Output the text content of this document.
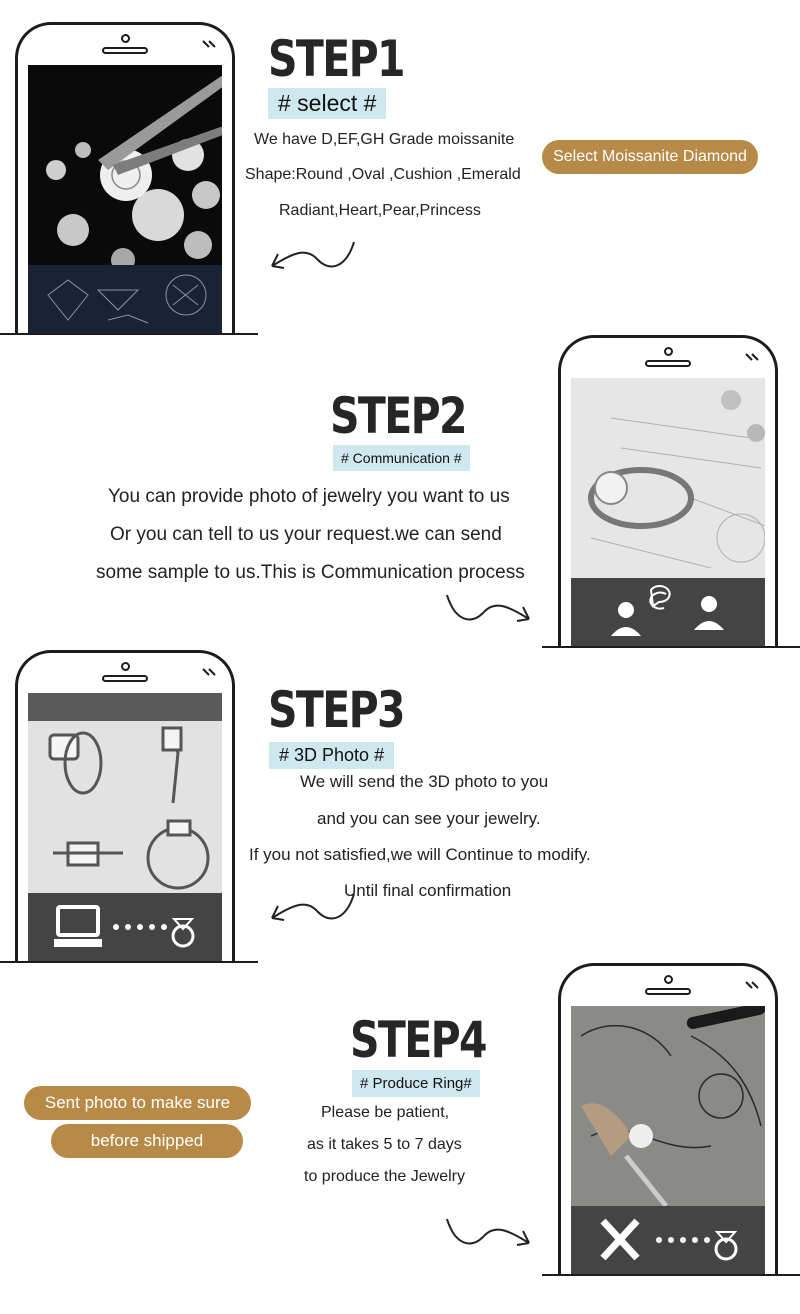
STEP1
# select #
We have D,EF,GH Grade moissanite
Shape:Round ,Oval ,Cushion ,Emerald
Radiant,Heart,Pear,Princess
Select Moissanite Diamond
STEP2
# Communication #
You can provide photo of jewelry you want to us
Or you can tell to us your request.we can send
some sample to us.This is Communication process
STEP3
# 3D Photo #
We will send the 3D photo to you
and you can see your jewelry.
If you not satisfied,we will Continue to modify.
Until final confirmation
STEP4
# Produce Ring#
Please be patient,
as it takes 5 to 7 days
to produce the Jewelry
Sent photo to make sure
before shipped
